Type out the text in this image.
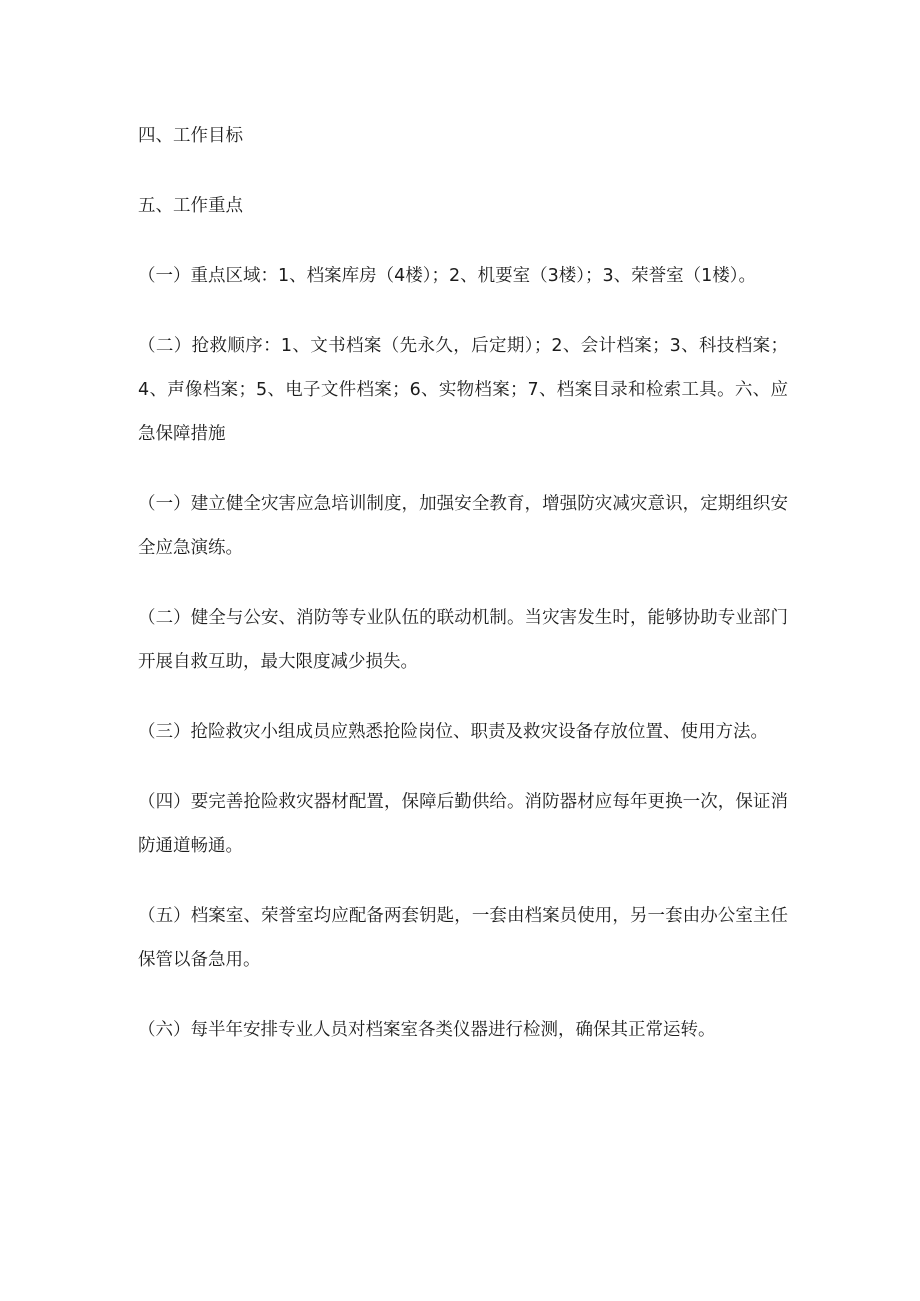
四、工作目标

五、工作重点

（一）重点区域：1、档案库房（4楼）；2、机要室（3楼）；3、荣誉室（1楼）。

（二）抢救顺序：1、文书档案（先永久，后定期）；2、会计档案；3、科技档案；4、声像档案；5、电子文件档案；6、实物档案；7、档案目录和检索工具。六、应急保障措施

（一）建立健全灾害应急培训制度，加强安全教育，增强防灾减灾意识，定期组织安全应急演练。

（二）健全与公安、消防等专业队伍的联动机制。当灾害发生时，能够协助专业部门开展自救互助，最大限度减少损失。

（三）抢险救灾小组成员应熟悉抢险岗位、职责及救灾设备存放位置、使用方法。

（四）要完善抢险救灾器材配置，保障后勤供给。消防器材应每年更换一次，保证消防通道畅通。

（五）档案室、荣誉室均应配备两套钥匙，一套由档案员使用，另一套由办公室主任保管以备急用。

（六）每半年安排专业人员对档案室各类仪器进行检测，确保其正常运转。
